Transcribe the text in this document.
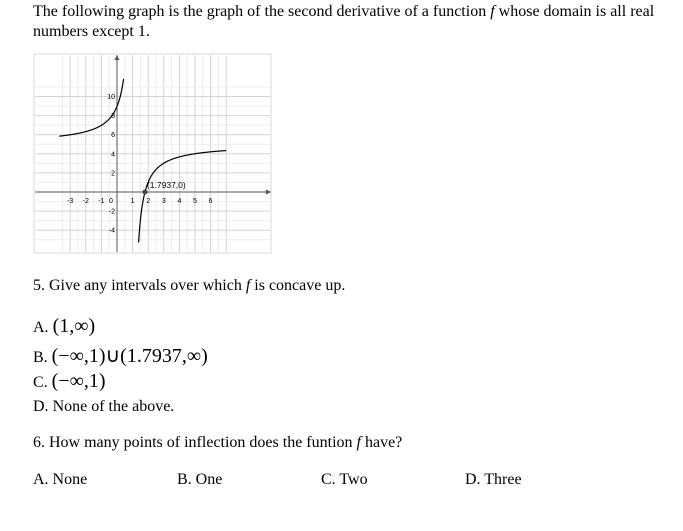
The following graph is the graph of the second derivative of a function f whose domain is all real numbers except 1.
-3 -2 -1 0	1 2 3 4 5 6
10
8
6
4
2
-2
-4
(1.7937,0)
5. Give any intervals over which f is concave up.
A. (1,∞)
B. (−∞,1)∪(1.7937,∞)
C. (−∞,1)
D. None of the above.
6. How many points of inflection does the funtion f have?
A. None	B. One	C. Two	D. Three
